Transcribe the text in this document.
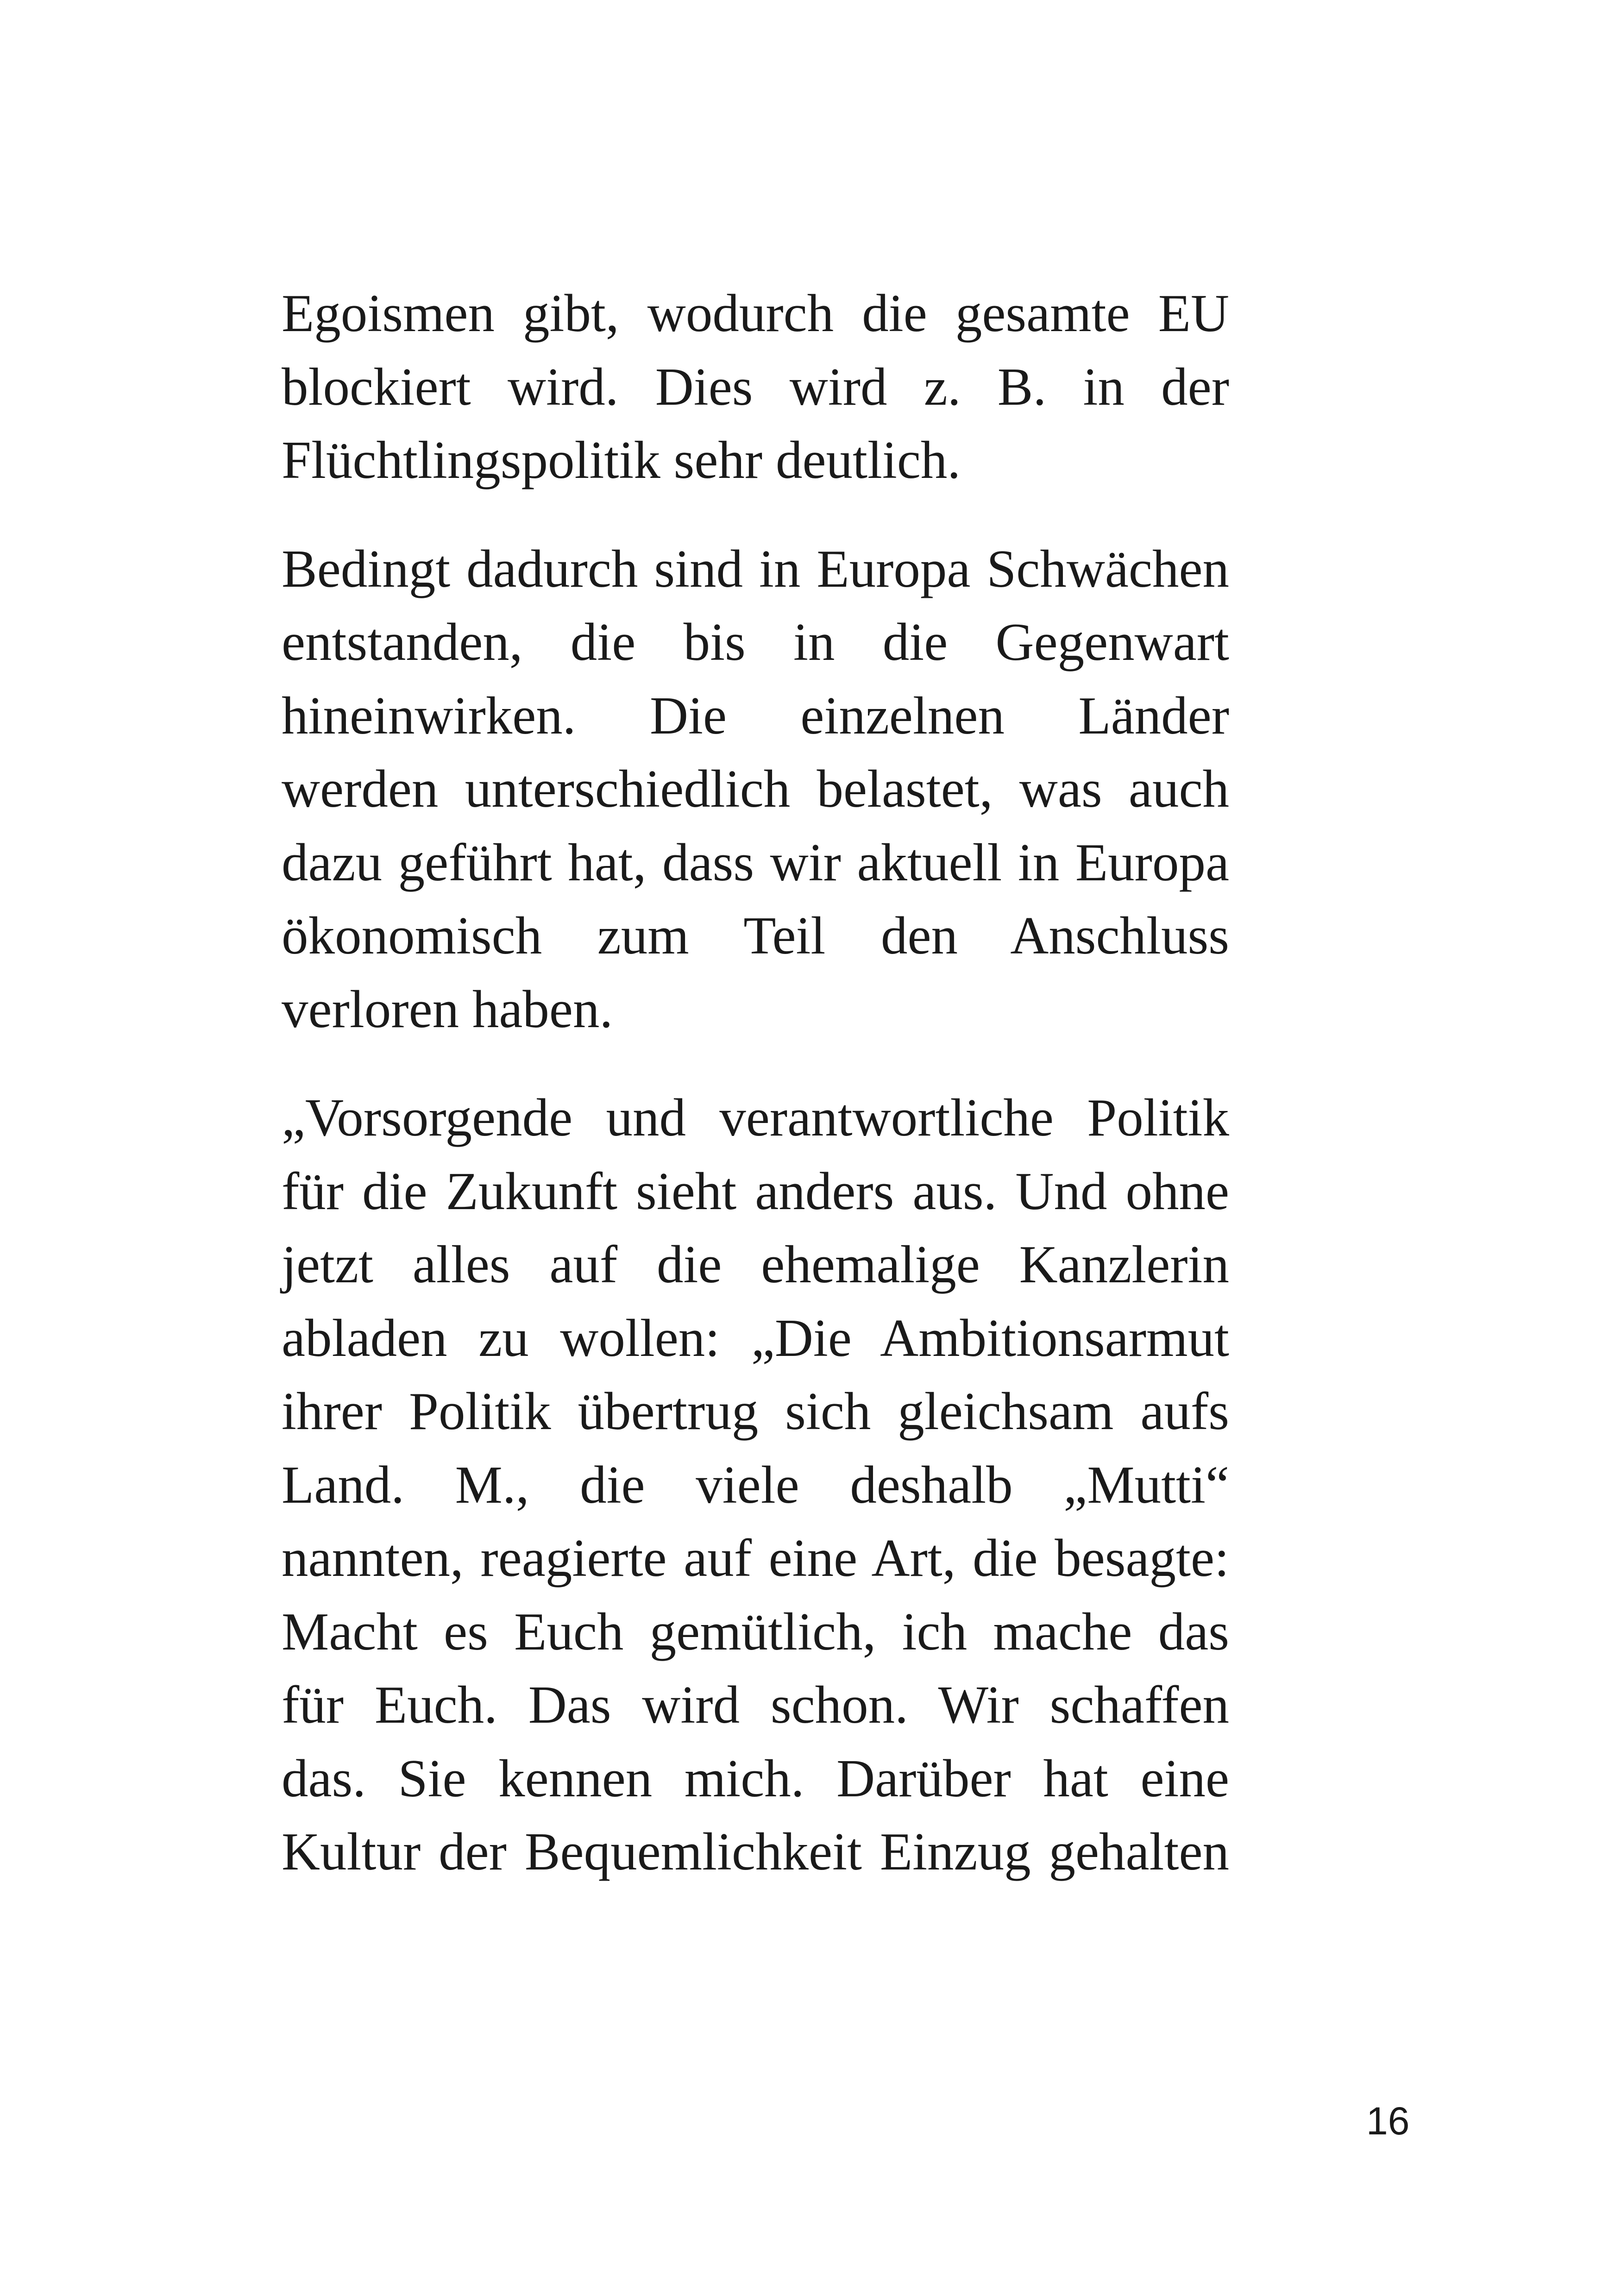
Egoismen gibt, wodurch die gesamte EU
blockiert wird. Dies wird z. B. in der
Flüchtlingspolitik sehr deutlich.
Bedingt dadurch sind in Europa Schwächen
entstanden, die bis in die Gegenwart
hineinwirken. Die einzelnen Länder
werden unterschiedlich belastet, was auch
dazu geführt hat, dass wir aktuell in Europa
ökonomisch zum Teil den Anschluss
verloren haben.
„Vorsorgende und verantwortliche Politik
für die Zukunft sieht anders aus. Und ohne
jetzt alles auf die ehemalige Kanzlerin
abladen zu wollen: „Die Ambitionsarmut
ihrer Politik übertrug sich gleichsam aufs
Land. M., die viele deshalb „Mutti“
nannten, reagierte auf eine Art, die besagte:
Macht es Euch gemütlich, ich mache das
für Euch. Das wird schon. Wir schaffen
das. Sie kennen mich. Darüber hat eine
Kultur der Bequemlichkeit Einzug gehalten
16
